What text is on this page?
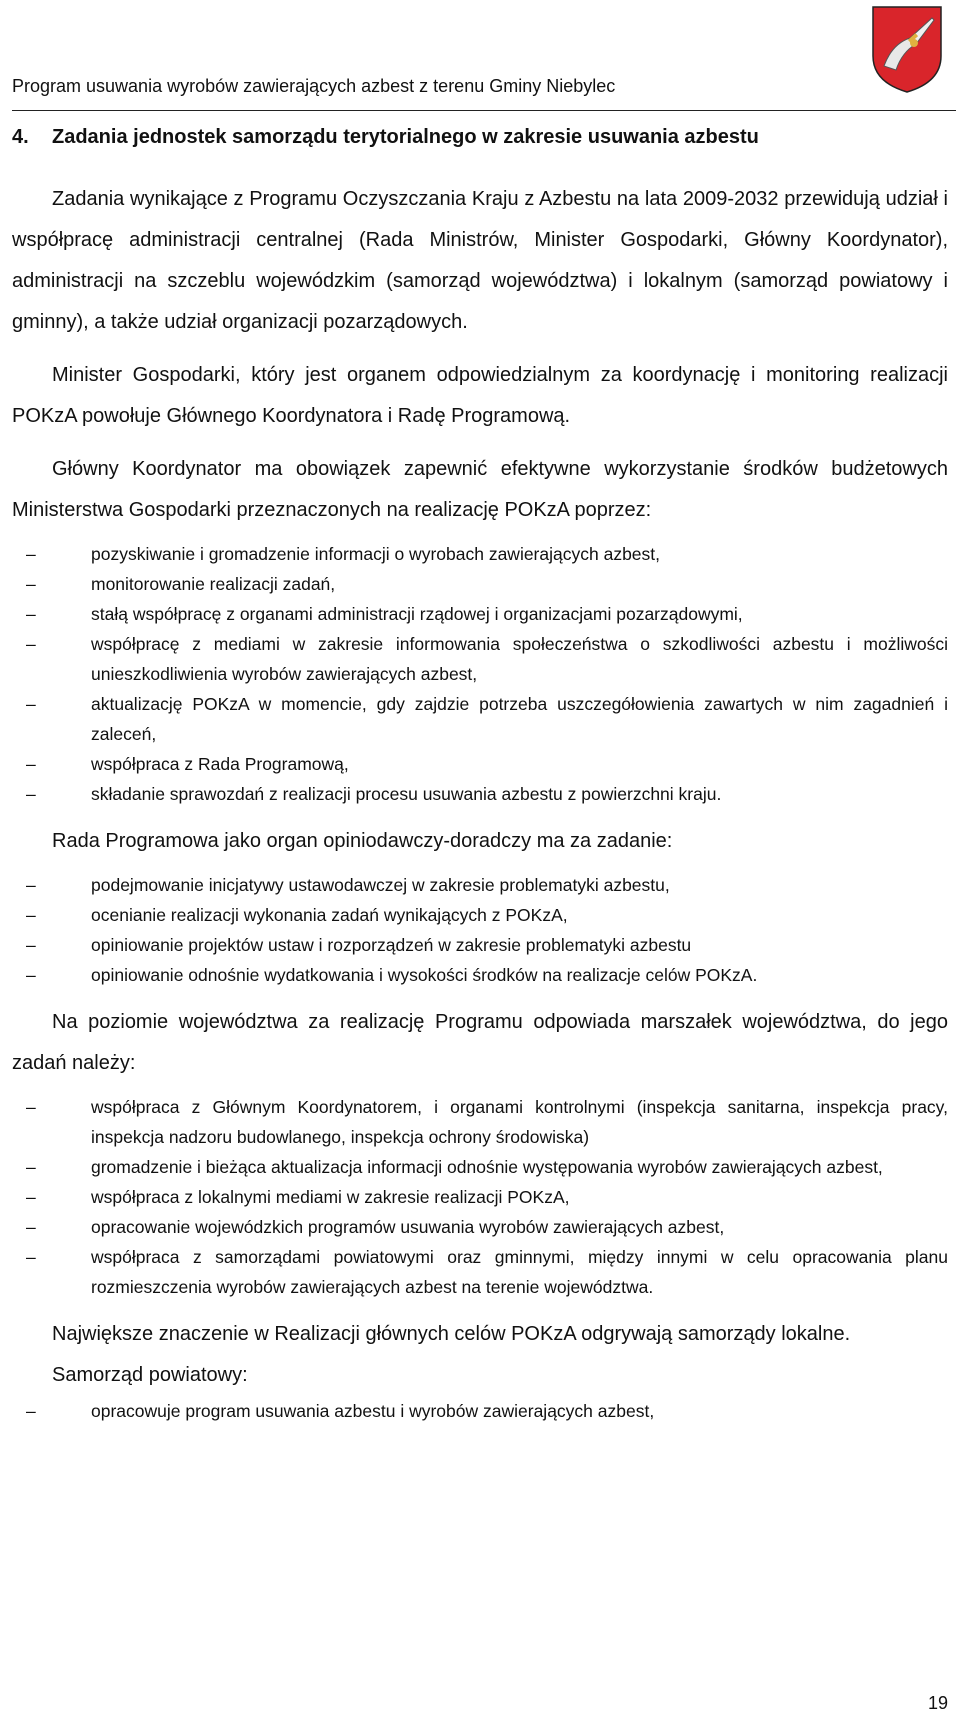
Program usuwania wyrobów zawierających azbest z terenu Gminy Niebylec
4.	Zadania jednostek samorządu terytorialnego w zakresie usuwania azbestu

Zadania wynikające z Programu Oczyszczania Kraju z Azbestu na lata 2009-2032 przewidują udział i współpracę administracji centralnej (Rada Ministrów, Minister Gospodarki, Główny Koordynator), administracji na szczeblu wojewódzkim (samorząd województwa) i lokalnym (samorząd powiatowy i gminny), a także udział organizacji pozarządowych.

Minister Gospodarki, który jest organem odpowiedzialnym za koordynację i monitoring realizacji POKzA powołuje Głównego Koordynatora i Radę Programową.

Główny Koordynator ma obowiązek zapewnić efektywne wykorzystanie środków budżetowych Ministerstwa Gospodarki przeznaczonych na realizację POKzA poprzez:

– pozyskiwanie i gromadzenie informacji o wyrobach zawierających azbest,
– monitorowanie realizacji zadań,
– stałą współpracę z organami administracji rządowej i organizacjami pozarządowymi,
– współpracę z mediami w zakresie informowania społeczeństwa o szkodliwości azbestu i możliwości unieszkodliwienia wyrobów zawierających azbest,
– aktualizację POKzA w momencie, gdy zajdzie potrzeba uszczegółowienia zawartych w nim zagadnień i zaleceń,
– współpraca z Rada Programową,
– składanie sprawozdań z realizacji procesu usuwania azbestu z powierzchni kraju.

Rada Programowa jako organ opiniodawczy-doradczy ma za zadanie:

– podejmowanie inicjatywy ustawodawczej w zakresie problematyki azbestu,
– ocenianie realizacji wykonania zadań wynikających z POKzA,
– opiniowanie projektów ustaw i rozporządzeń w zakresie problematyki azbestu
– opiniowanie odnośnie wydatkowania i wysokości środków na realizacje celów POKzA.

Na poziomie województwa za realizację Programu odpowiada marszałek województwa, do jego zadań należy:

– współpraca z Głównym Koordynatorem, i organami kontrolnymi (inspekcja sanitarna, inspekcja pracy, inspekcja nadzoru budowlanego, inspekcja ochrony środowiska)
– gromadzenie i bieżąca aktualizacja informacji odnośnie występowania wyrobów zawierających azbest,
– współpraca z lokalnymi mediami w zakresie realizacji POKzA,
– opracowanie wojewódzkich programów usuwania wyrobów zawierających azbest,
– współpraca z samorządami powiatowymi oraz gminnymi, między innymi w celu opracowania planu rozmieszczenia wyrobów zawierających azbest na terenie województwa.

Największe znaczenie w Realizacji głównych celów POKzA odgrywają samorządy lokalne.

Samorząd powiatowy:

– opracowuje program usuwania azbestu i wyrobów zawierających azbest,
19
